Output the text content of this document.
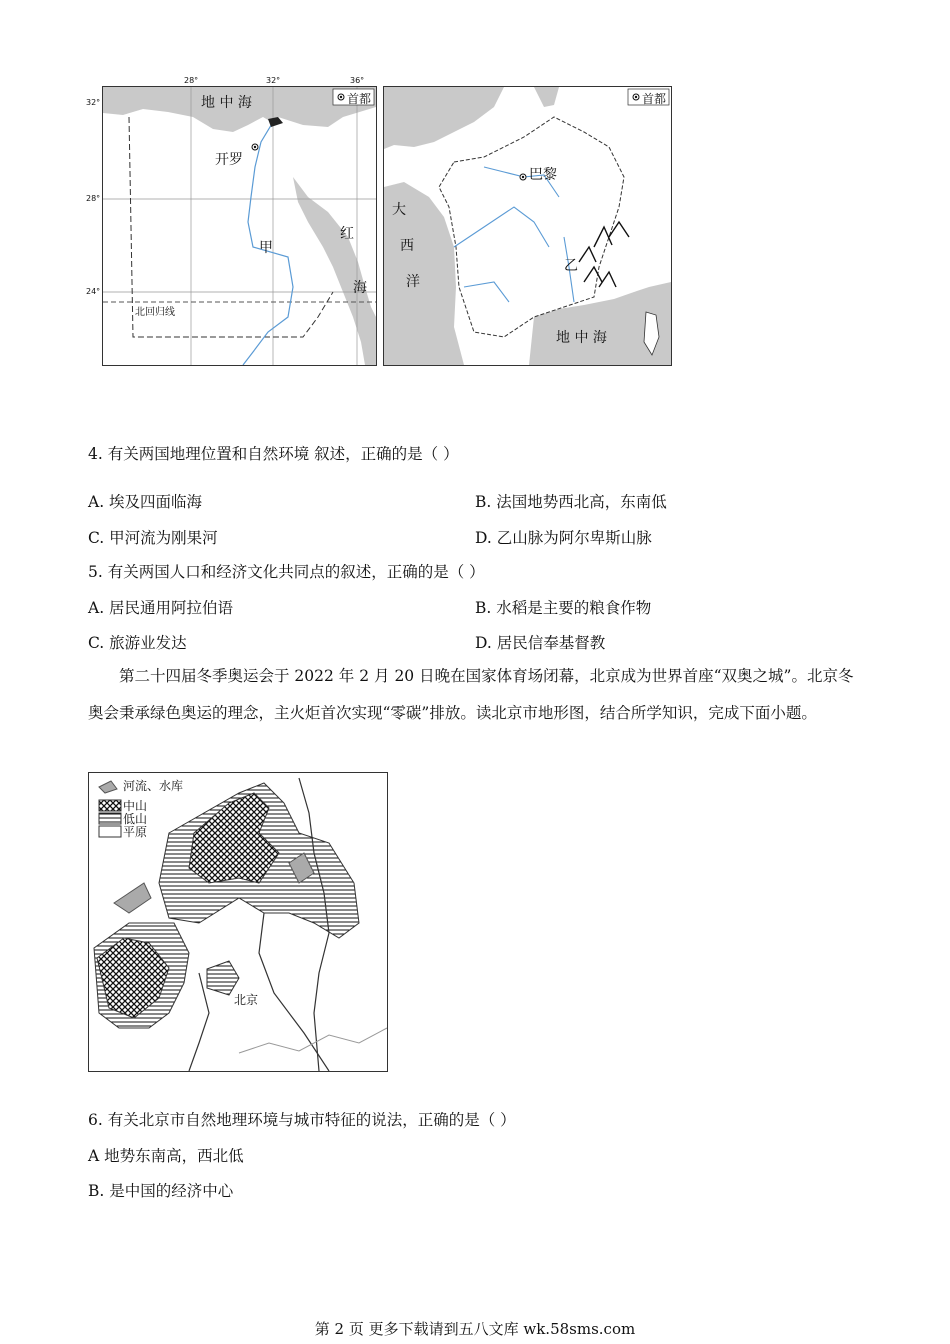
地 中 海	首都
开罗
甲
红
海
北回归线
28°	32°	36°
32°
28°
24°
首都
巴黎
大
西
洋
乙
地 中 海
4. 有关两国地理位置和自然环境 叙述，正确的是（ ）
A. 埃及四面临海	B. 法国地势西北高，东南低
C. 甲河流为刚果河	D. 乙山脉为阿尔卑斯山脉
5. 有关两国人口和经济文化共同点的叙述，正确的是（ ）
A. 居民通用阿拉伯语	B. 水稻是主要的粮食作物
C. 旅游业发达	D. 居民信奉基督教
第二十四届冬季奥运会于 2022 年 2 月 20 日晚在国家体育场闭幕，北京成为世界首座“双奥之城”。北京冬奥会秉承绿色奥运的理念，主火炬首次实现“零碳”排放。读北京市地形图，结合所学知识，完成下面小题。
河流、水库
中山
低山
平原
北京
6. 有关北京市自然地理环境与城市特征的说法，正确的是（ ）
A 地势东南高，西北低
B. 是中国的经济中心
第 2 页 更多下载请到五八文库 wk.58sms.com
